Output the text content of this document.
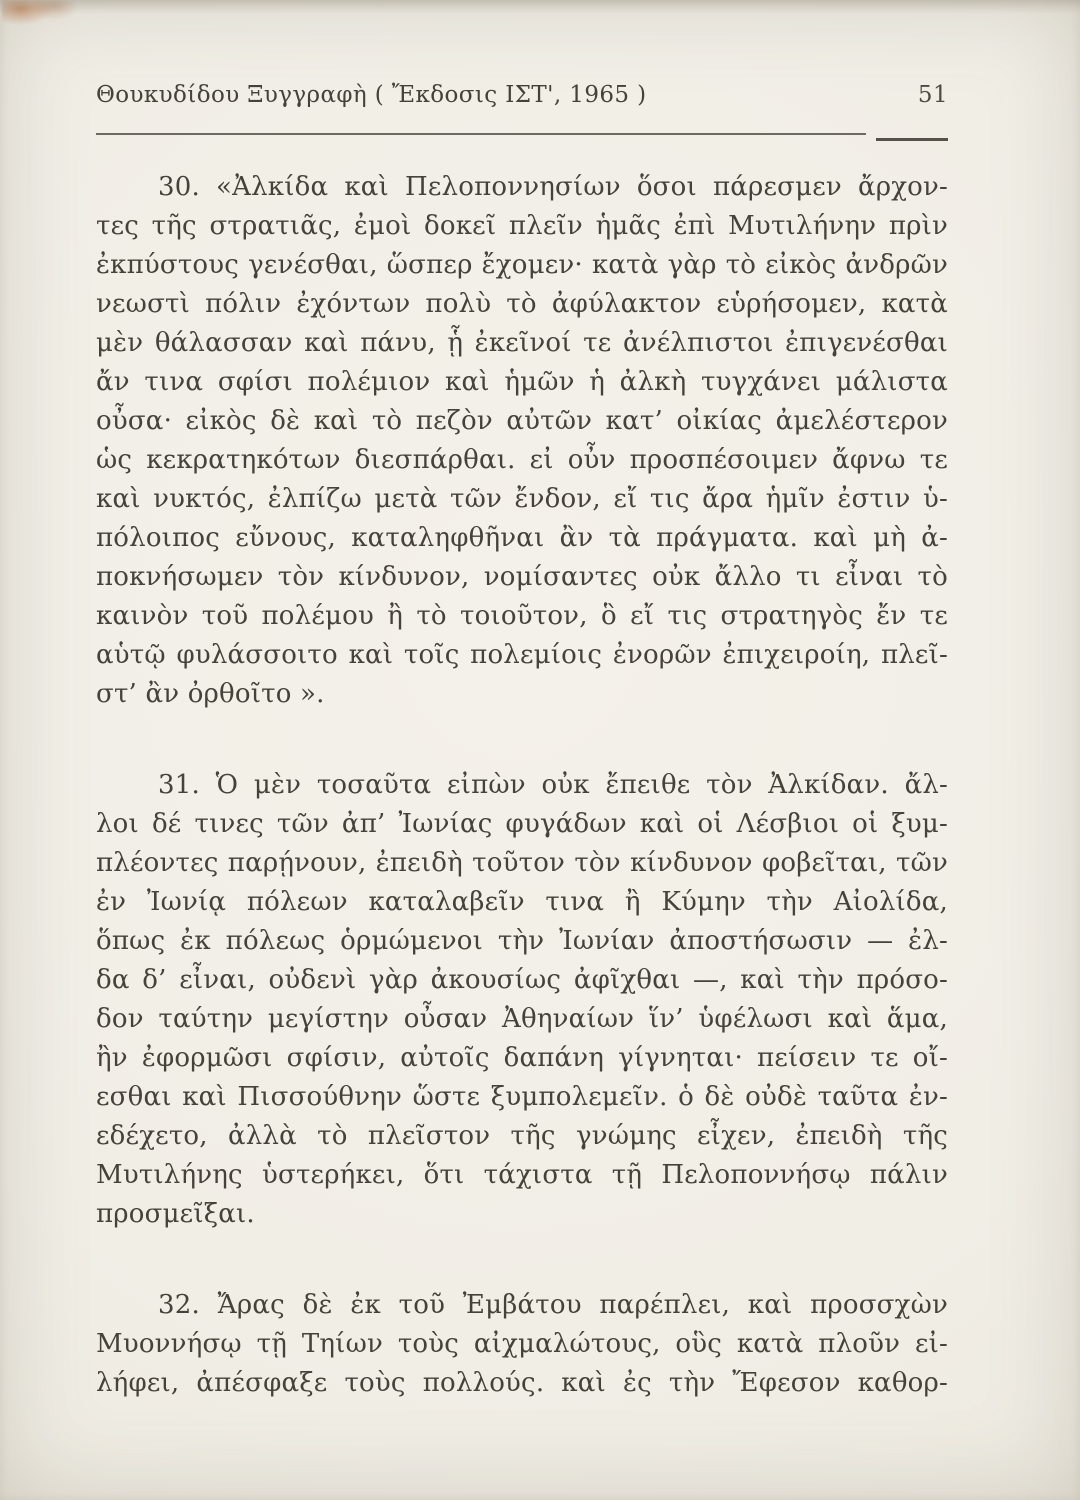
Θουκυδίδου Ξυγγραφὴ ( Ἔκδοσις ΙΣΤ', 1965 )	51
30. «Ἀλκίδα καὶ Πελοποννησίων ὅσοι πάρεσμεν ἄρχον-
τες τῆς στρατιᾶς, ἐμοὶ δοκεῖ πλεῖν ἡμᾶς ἐπὶ Μυτιλήνην πρὶν
ἐκπύστους γενέσθαι, ὥσπερ ἔχομεν· κατὰ γὰρ τὸ εἰκὸς ἀνδρῶν
νεωστὶ πόλιν ἐχόντων πολὺ τὸ ἀφύλακτον εὑρήσομεν, κατὰ
μὲν θάλασσαν καὶ πάνυ, ᾗ ἐκεῖνοί τε ἀνέλπιστοι ἐπιγενέσθαι
ἄν τινα σφίσι πολέμιον καὶ ἡμῶν ἡ ἀλκὴ τυγχάνει μάλιστα
οὖσα· εἰκὸς δὲ καὶ τὸ πεζὸν αὐτῶν κατ’ οἰκίας ἀμελέστερον
ὡς κεκρατηκότων διεσπάρθαι. εἰ οὖν προσπέσοιμεν ἄφνω τε
καὶ νυκτός, ἐλπίζω μετὰ τῶν ἔνδον, εἴ τις ἄρα ἡμῖν ἐστιν ὑ-
πόλοιπος εὔνους, καταληφθῆναι ἂν τὰ πράγματα. καὶ μὴ ἀ-
ποκνήσωμεν τὸν κίνδυνον, νομίσαντες οὐκ ἄλλο τι εἶναι τὸ
καινὸν τοῦ πολέμου ἢ τὸ τοιοῦτον, ὃ εἴ τις στρατηγὸς ἔν τε
αὑτῷ φυλάσσοιτο καὶ τοῖς πολεμίοις ἐνορῶν ἐπιχειροίη, πλεῖ-
στ’ ἂν ὀρθοῖτο ».
31. Ὁ μὲν τοσαῦτα εἰπὼν οὐκ ἔπειθε τὸν Ἀλκίδαν. ἄλ-
λοι δέ τινες τῶν ἀπ’ Ἰωνίας φυγάδων καὶ οἱ Λέσβιοι οἱ ξυμ-
πλέοντες παρῄνουν, ἐπειδὴ τοῦτον τὸν κίνδυνον φοβεῖται, τῶν
ἐν Ἰωνίᾳ πόλεων καταλαβεῖν τινα ἢ Κύμην τὴν Αἰολίδα,
ὅπως ἐκ πόλεως ὁρμώμενοι τὴν Ἰωνίαν ἀποστήσωσιν — ἐλ-
δα δ’ εἶναι, οὐδενὶ γὰρ ἀκουσίως ἀφῖχθαι —, καὶ τὴν πρόσο-
δον ταύτην μεγίστην οὖσαν Ἀθηναίων ἵν’ ὑφέλωσι καὶ ἅμα,
ἢν ἐφορμῶσι σφίσιν, αὐτοῖς δαπάνη γίγνηται· πείσειν τε οἴ-
εσθαι καὶ Πισσούθνην ὥστε ξυμπολεμεῖν. ὁ δὲ οὐδὲ ταῦτα ἐν-
εδέχετο, ἀλλὰ τὸ πλεῖστον τῆς γνώμης εἶχεν, ἐπειδὴ τῆς
Μυτιλήνης ὑστερήκει, ὅτι τάχιστα τῇ Πελοποννήσῳ πάλιν
προσμεῖξαι.
32. Ἄρας δὲ ἐκ τοῦ Ἐμβάτου παρέπλει, καὶ προσσχὼν
Μυοννήσῳ τῇ Τηίων τοὺς αἰχμαλώτους, οὓς κατὰ πλοῦν εἰ-
λήφει, ἀπέσφαξε τοὺς πολλούς. καὶ ἐς τὴν Ἔφεσον καθορ-
